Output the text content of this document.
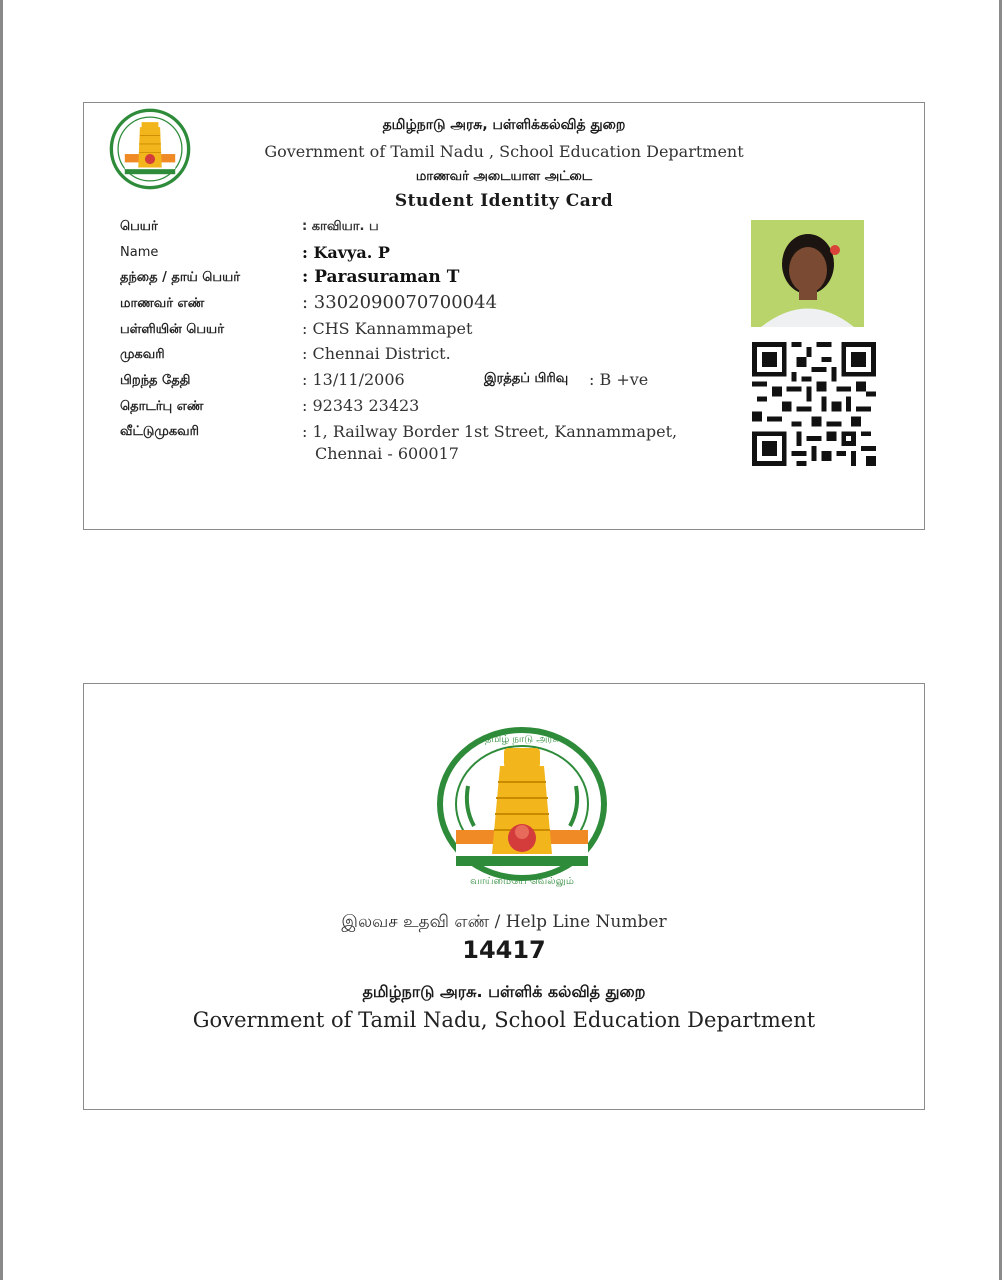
தமிழ்நாடு அரசு, பள்ளிக்கல்வித் துறை
Government of Tamil Nadu , School Education Department
மாணவர் அடையாள அட்டை
Student Identity Card
பெயர்	: காவியா. ப
Name	: Kavya. P
தந்தை / தாய் பெயர்	: Parasuraman T
மாணவர் எண்	: 3302090070700044
பள்ளியின் பெயர்	: CHS Kannammapet
முகவரி	: Chennai District.
பிறந்த தேதி	: 13/11/2006	இரத்தப் பிரிவு : B +ve
தொடர்பு எண்	: 92343 23423
வீட்டுமுகவரி	: 1, Railway Border 1st Street, Kannammapet,
Chennai - 600017
வாய்மையே வெல்லும்
தமிழ் நாடு அரசு
இலவச உதவி எண் / Help Line Number
14417
தமிழ்நாடு அரசு. பள்ளிக் கல்வித் துறை
Government of Tamil Nadu, School Education Department
